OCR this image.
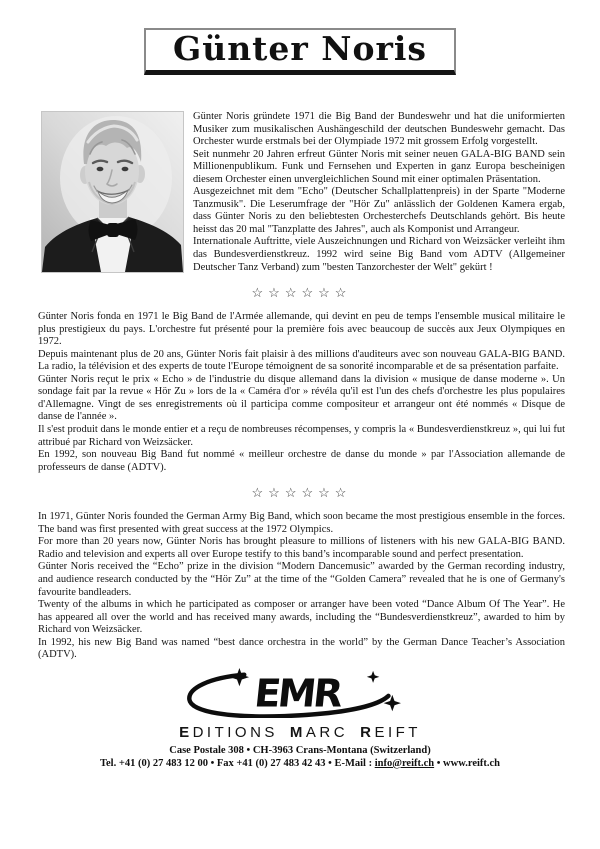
Günter Noris

Günter Noris gründete 1971 die Big Band der Bundeswehr und hat die uniformierten Musiker zum musikalischen Aushängeschild der deutschen Bundeswehr gemacht. Das Orchester wurde erstmals bei der Olympiade 1972 mit grossem Erfolg vorgestellt.

Seit nunmehr 20 Jahren erfreut Günter Noris mit seiner neuen GALA-BIG BAND sein Millionenpublikum. Funk und Fernsehen und Experten in ganz Europa bescheinigen diesem Orchester einen unvergleichlichen Sound mit einer optimalen Präsentation.

Ausgezeichnet mit dem "Echo" (Deutscher Schallplattenpreis) in der Sparte "Moderne Tanzmusik". Die Leserumfrage der "Hör Zu" anlässlich der Goldenen Kamera ergab, dass Günter Noris zu den beliebtesten Orchesterchefs Deutschlands gehört. Bis heute heisst das 20 mal "Tanzplatte des Jahres", auch als Komponist und Arrangeur.

Internationale Auftritte, viele Auszeichnungen und Richard von Weizsäcker verleiht ihm das Bundesverdienstkreuz. 1992 wird seine Big Band vom ADTV (Allgemeiner Deutscher Tanz Verband) zum "besten Tanzorchester der Welt" gekürt !

☆☆☆☆☆☆

Günter Noris fonda en 1971 le Big Band de l'Armée allemande, qui devint en peu de temps l'ensemble musical militaire le plus prestigieux du pays. L'orchestre fut présenté pour la première fois avec beaucoup de succès aux Jeux Olympiques en 1972.

Depuis maintenant plus de 20 ans, Günter Noris fait plaisir à des millions d'auditeurs avec son nouveau GALA-BIG BAND. La radio, la télévision et des experts de toute l'Europe témoignent de sa sonorité incomparable et de sa présentation parfaite.

Günter Noris reçut le prix « Echo » de l'industrie du disque allemand dans la division « musique de danse moderne ». Un sondage fait par la revue « Hör Zu » lors de la « Caméra d'or » révéla qu'il est l'un des chefs d'orchestre les plus populaires d'Allemagne. Vingt de ses enregistrements où il participa comme compositeur et arrangeur ont été nommés « Disque de danse de l'année ».

Il s'est produit dans le monde entier et a reçu de nombreuses récompenses, y compris la « Bundesverdienstkreuz », qui lui fut attribué par Richard von Weizsäcker.

En 1992, son nouveau Big Band fut nommé « meilleur orchestre de danse du monde » par l'Association allemande de professeurs de danse (ADTV).

☆☆☆☆☆☆

In 1971, Günter Noris founded the German Army Big Band, which soon became the most prestigious ensemble in the forces. The band was first presented with great success at the 1972 Olympics.

For more than 20 years now, Günter Noris has brought pleasure to millions of listeners with his new GALA-BIG BAND. Radio and television and experts all over Europe testify to this band’s incomparable sound and perfect presentation.

Günter Noris received the “Echo” prize in the division “Modern Dancemusic” awarded by the German recording industry, and audience research conducted by the “Hör Zu” at the time of the “Golden Camera” revealed that he is one of Germany's favourite bandleaders.

Twenty of the albums in which he participated as composer or arranger have been voted “Dance Album Of The Year”. He has appeared all over the world and has received many awards, including the “Bundesverdienstkreuz”, awarded to him by Richard von Weizsäcker.

In 1992, his new Big Band was named “best dance orchestra in the world” by the German Dance Teacher’s Association (ADTV).

EMR
EDITIONS MARC REIFT
Case Postale 308 • CH-3963 Crans-Montana (Switzerland)
Tel. +41 (0) 27 483 12 00 • Fax +41 (0) 27 483 42 43 • E-Mail : info@reift.ch • www.reift.ch
